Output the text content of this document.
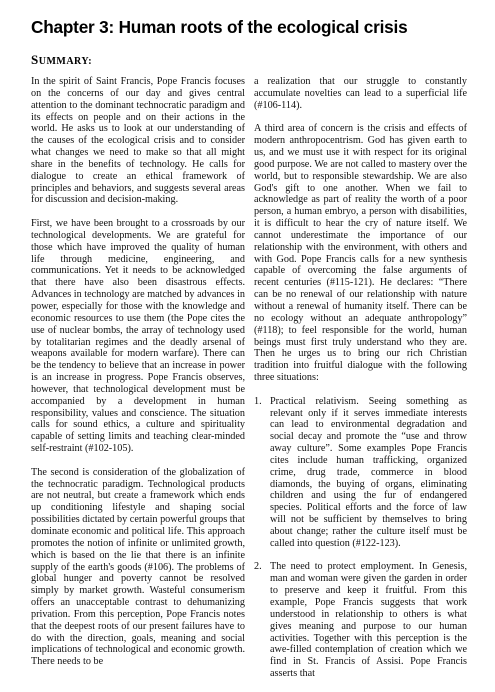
Chapter 3: Human roots of the ecological crisis
SUMMARY:

In the spirit of Saint Francis, Pope Francis focuses on the concerns of our day and gives central attention to the dominant technocratic paradigm and its effects on people and on their actions in the world. He asks us to look at our understanding of the causes of the ecological crisis and to consider what changes we need to make so that all might share in the benefits of technology. He calls for dialogue to create an ethical framework of principles and behaviors, and suggests several areas for discussion and decision-making.

First, we have been brought to a crossroads by our technological developments. We are grateful for those which have improved the quality of human life through medicine, engineering, and communications. Yet it needs to be acknowledged that there have also been disastrous effects. Advances in technology are matched by advances in power, especially for those with the knowledge and economic resources to use them (the Pope cites the use of nuclear bombs, the array of technology used by totalitarian regimes and the deadly arsenal of weapons available for modern warfare). There can be the tendency to believe that an increase in power is an increase in progress. Pope Francis observes, however, that technological development must be accompanied by a development in human responsibility, values and conscience. The situation calls for sound ethics, a culture and spirituality capable of setting limits and teaching clear-minded self-restraint (#102-105).

The second is consideration of the globalization of the technocratic paradigm. Technological products are not neutral, but create a framework which ends up conditioning lifestyle and shaping social possibilities dictated by certain powerful groups that dominate economic and political life. This approach promotes the notion of infinite or unlimited growth, which is based on the lie that there is an infinite supply of the earth's goods (#106). The problems of global hunger and poverty cannot be resolved simply by market growth. Wasteful consumerism offers an unacceptable contrast to dehumanizing privation. From this perception, Pope Francis notes that the deepest roots of our present failures have to do with the direction, goals, meaning and social implications of technological and economic growth. There needs to be

a realization that our struggle to constantly accumulate novelties can lead to a superficial life (#106-114).

A third area of concern is the crisis and effects of modern anthropocentrism. God has given earth to us, and we must use it with respect for its original good purpose. We are not called to mastery over the world, but to responsible stewardship. We are also God's gift to one another. When we fail to acknowledge as part of reality the worth of a poor person, a human embryo, a person with disabilities, it is difficult to hear the cry of nature itself. We cannot underestimate the importance of our relationship with the environment, with others and with God. Pope Francis calls for a new synthesis capable of overcoming the false arguments of recent centuries (#115-121). He declares: “There can be no renewal of our relationship with nature without a renewal of humanity itself. There can be no ecology without an adequate anthropology” (#118); to feel responsible for the world, human beings must first truly understand who they are. Then he urges us to bring our rich Christian tradition into fruitful dialogue with the following three situations:

1. Practical relativism. Seeing something as relevant only if it serves immediate interests can lead to environmental degradation and social decay and promote the “use and throw away culture”. Some examples Pope Francis cites include human trafficking, organized crime, drug trade, commerce in blood diamonds, the buying of organs, eliminating children and using the fur of endangered species. Political efforts and the force of law will not be sufficient by themselves to bring about change; rather the culture itself must be called into question (#122-123).
2. The need to protect employment. In Genesis, man and woman were given the garden in order to preserve and keep it fruitful. From this example, Pope Francis suggests that work understood in relationship to others is what gives meaning and purpose to our human activities. Together with this perception is the awe-filled contemplation of creation which we find in St. Francis of Assisi. Pope Francis asserts that
